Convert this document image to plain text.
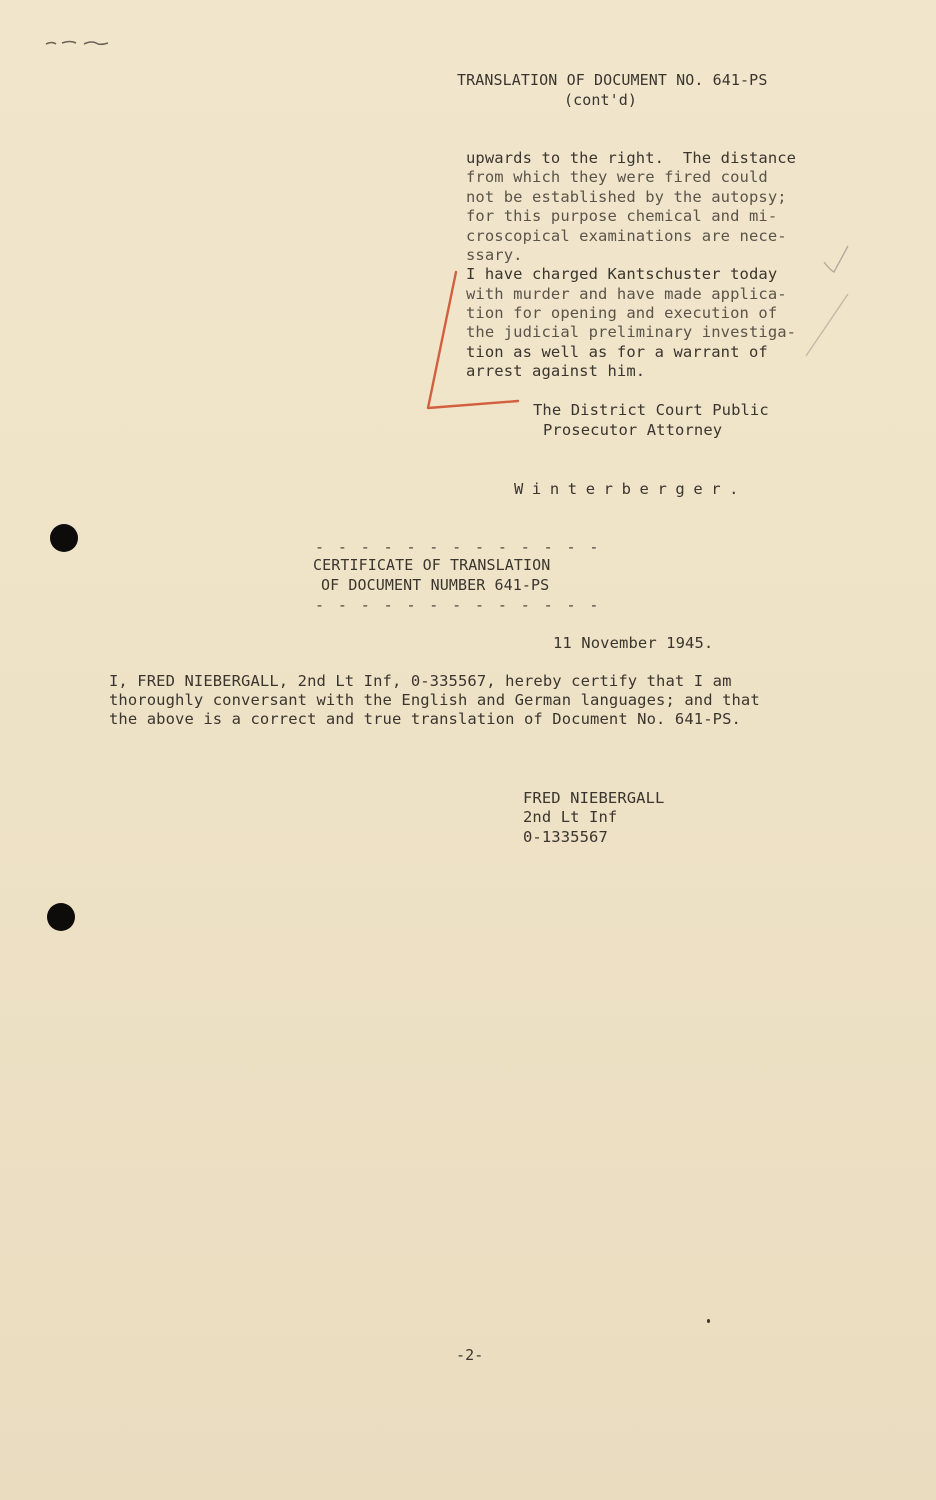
TRANSLATION OF DOCUMENT NO. 641-PS
(cont'd)
upwards to the right.  The distance
from which they were fired could
not be established by the autopsy;
for this purpose chemical and mi-
croscopical examinations are nece-
ssary.
I have charged Kantschuster today
with murder and have made applica-
tion for opening and execution of
the judicial preliminary investiga-
tion as well as for a warrant of
arrest against him.
The District Court Public
Prosecutor Attorney
Winterberger.
- - - - - - - - - - - - -
CERTIFICATE OF TRANSLATION
OF DOCUMENT NUMBER 641-PS
- - - - - - - - - - - - -
11 November 1945.
I, FRED NIEBERGALL, 2nd Lt Inf, 0-335567, hereby certify that I am
thoroughly conversant with the English and German languages; and that
the above is a correct and true translation of Document No. 641-PS.
FRED NIEBERGALL
2nd Lt Inf
0-1335567
-2-
